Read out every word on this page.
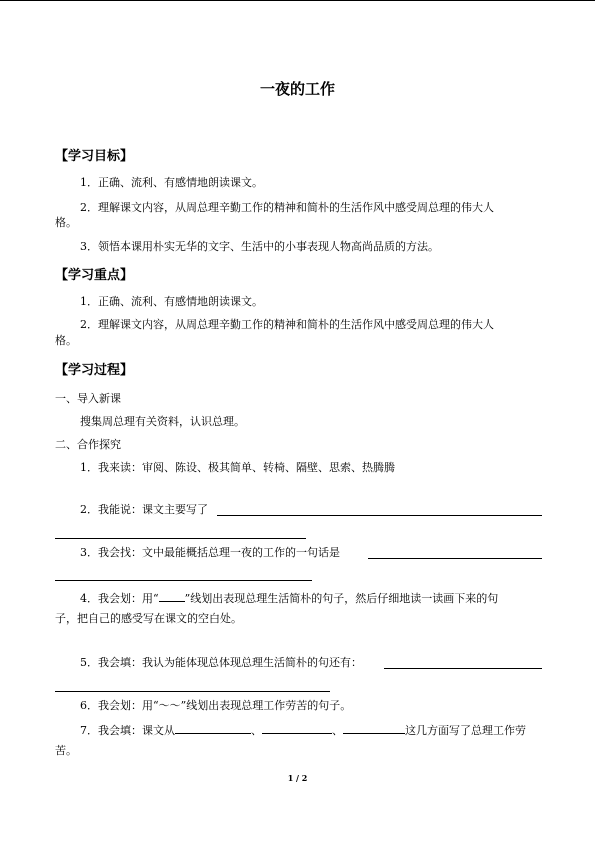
一夜的工作
【学习目标】
1．正确、流利、有感情地朗读课文。
2．理解课文内容，从周总理辛勤工作的精神和简朴的生活作风中感受周总理的伟大人
格。
3．领悟本课用朴实无华的文字、生活中的小事表现人物高尚品质的方法。
【学习重点】
1．正确、流利、有感情地朗读课文。
2．理解课文内容，从周总理辛勤工作的精神和简朴的生活作风中感受周总理的伟大人
格。
【学习过程】
一、导入新课
搜集周总理有关资料，认识总理。
二、合作探究
1．我来读：审阅、陈设、极其简单、转椅、隔壁、思索、热腾腾
2．我能说：课文主要写了
3．我会找：文中最能概括总理一夜的工作的一句话是
4．我会划：用“ ”线划出表现总理生活简朴的句子，然后仔细地读一读画下来的句
子，把自己的感受写在课文的空白处。
5．我会填：我认为能体现总体现总理生活简朴的句还有：
6．我会划：用“～～”线划出表现总理工作劳苦的句子。
7．我会填：课文从	、	、	这几方面写了总理工作劳
苦。
1 / 2
